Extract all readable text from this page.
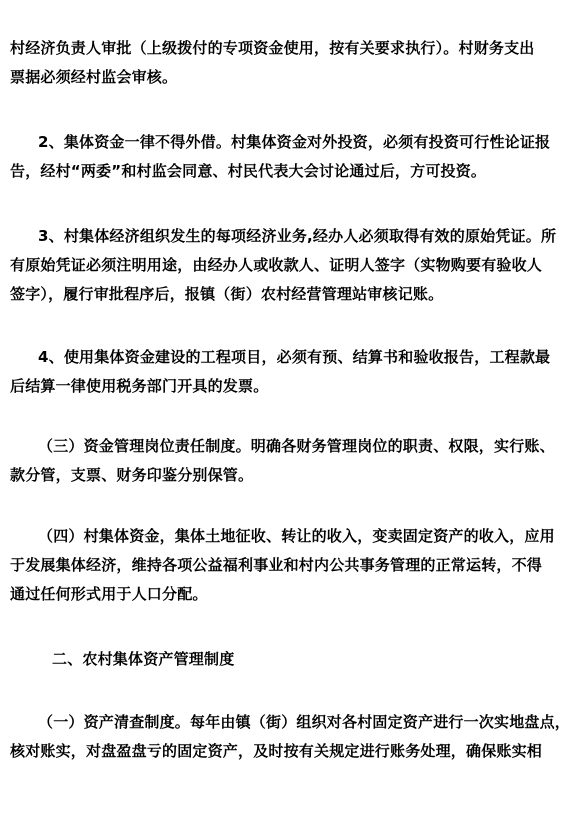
村经济负责人审批（上级拨付的专项资金使用，按有关要求执行）。村财务支出
票据必须经村监会审核。
2、集体资金一律不得外借。村集体资金对外投资，必须有投资可行性论证报
告，经村“两委”和村监会同意、村民代表大会讨论通过后，方可投资。
3、村集体经济组织发生的每项经济业务,经办人必须取得有效的原始凭证。所
有原始凭证必须注明用途，由经办人或收款人、证明人签字（实物购要有验收人
签字），履行审批程序后，报镇（街）农村经营管理站审核记账。
4、使用集体资金建设的工程项目，必须有预、结算书和验收报告，工程款最
后结算一律使用税务部门开具的发票。
（三）资金管理岗位责任制度。明确各财务管理岗位的职责、权限，实行账、
款分管，支票、财务印鉴分别保管。
（四）村集体资金，集体土地征收、转让的收入，变卖固定资产的收入，应用
于发展集体经济，维持各项公益福利事业和村内公共事务管理的正常运转，不得
通过任何形式用于人口分配。
二、农村集体资产管理制度
（一）资产清查制度。每年由镇（街）组织对各村固定资产进行一次实地盘点，
核对账实，对盘盈盘亏的固定资产，及时按有关规定进行账务处理，确保账实相
